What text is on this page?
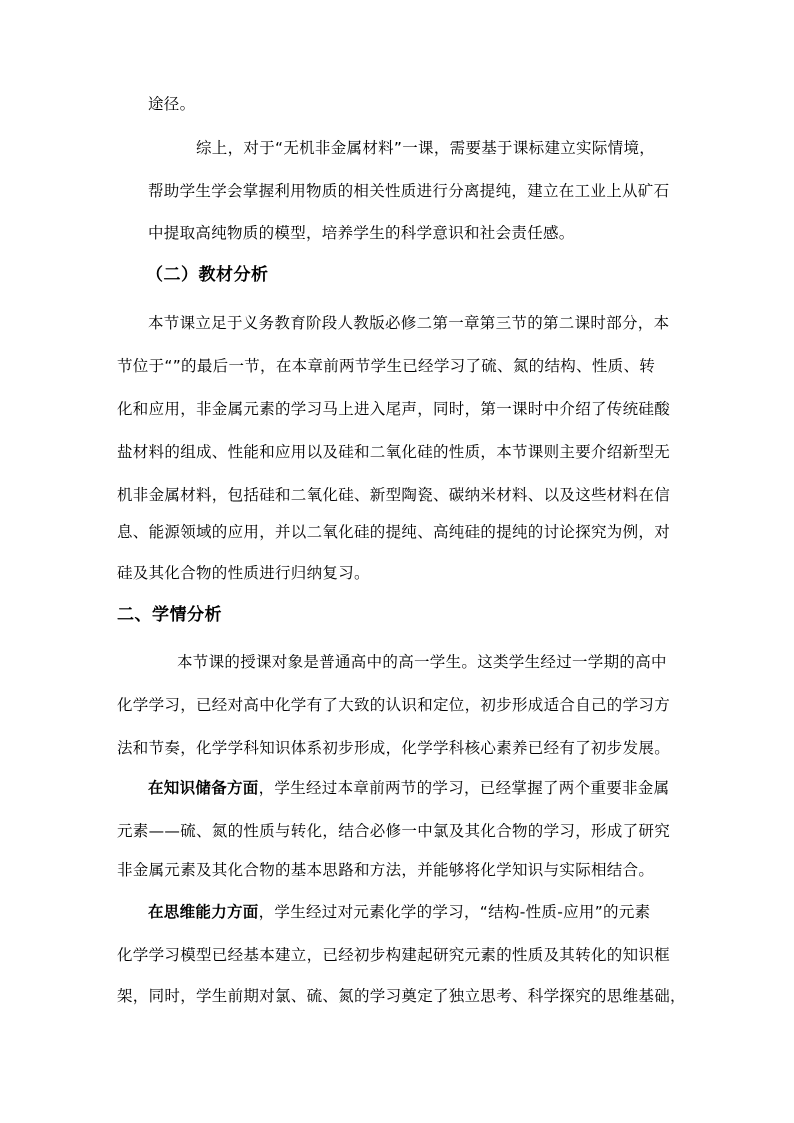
途径。
综上，对于“无机非金属材料”一课，需要基于课标建立实际情境，
帮助学生学会掌握利用物质的相关性质进行分离提纯，建立在工业上从矿石
中提取高纯物质的模型，培养学生的科学意识和社会责任感。
（二）教材分析
本节课立足于义务教育阶段人教版必修二第一章第三节的第二课时部分，本
节位于“”的最后一节，在本章前两节学生已经学习了硫、氮的结构、性质、转
化和应用，非金属元素的学习马上进入尾声，同时，第一课时中介绍了传统硅酸
盐材料的组成、性能和应用以及硅和二氧化硅的性质，本节课则主要介绍新型无
机非金属材料，包括硅和二氧化硅、新型陶瓷、碳纳米材料、以及这些材料在信
息、能源领域的应用，并以二氧化硅的提纯、高纯硅的提纯的讨论探究为例，对
硅及其化合物的性质进行归纳复习。
二、学情分析
本节课的授课对象是普通高中的高一学生。这类学生经过一学期的高中
化学学习，已经对高中化学有了大致的认识和定位，初步形成适合自己的学习方
法和节奏，化学学科知识体系初步形成，化学学科核心素养已经有了初步发展。
在知识储备方面，学生经过本章前两节的学习，已经掌握了两个重要非金属
元素——硫、氮的性质与转化，结合必修一中氯及其化合物的学习，形成了研究
非金属元素及其化合物的基本思路和方法，并能够将化学知识与实际相结合。
在思维能力方面，学生经过对元素化学的学习，“结构-性质-应用”的元素
化学学习模型已经基本建立，已经初步构建起研究元素的性质及其转化的知识框
架，同时，学生前期对氯、硫、氮的学习奠定了独立思考、科学探究的思维基础，
